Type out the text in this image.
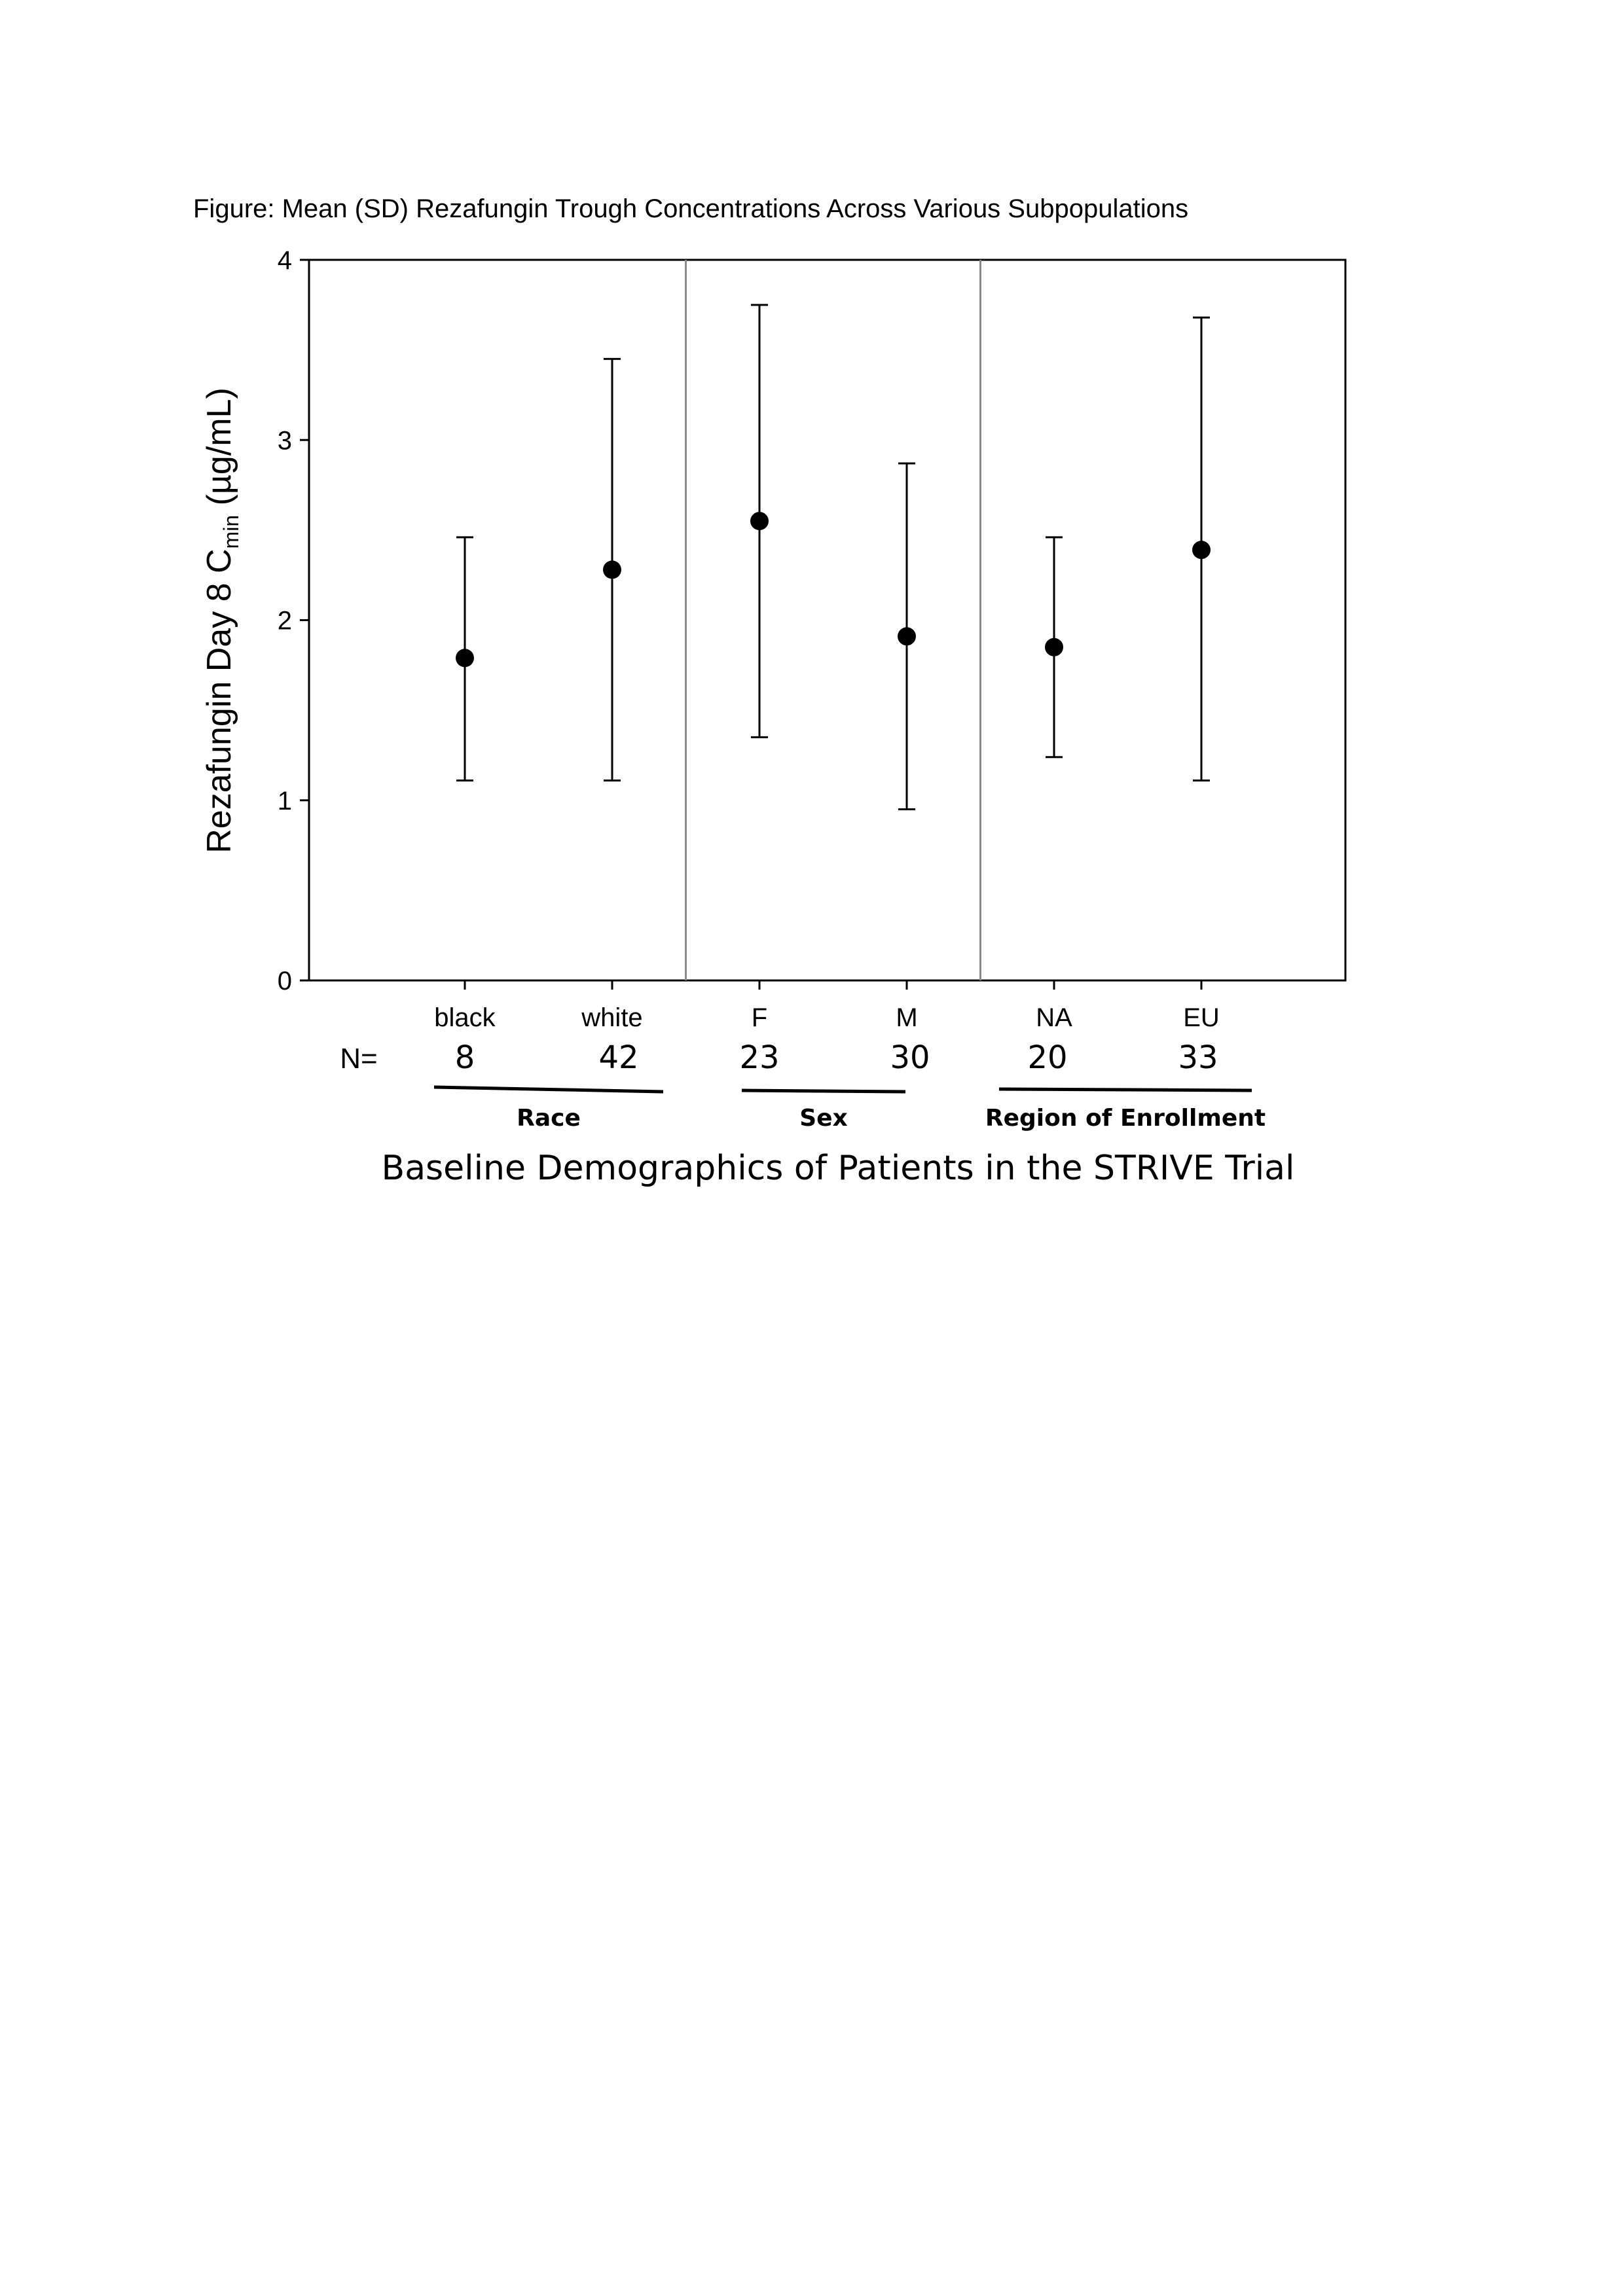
Figure: Mean (SD) Rezafungin Trough Concentrations Across Various Subpopulations
Rezafungin Day 8 $C_{min}$ (µg/mL)
0
1
2
3
4
black	white	F	M	NA	EU
N= 8	42	23	30	20	33
Race	Sex	Region of Enrollment
Baseline Demographics of Patients in the STRIVE Trial
